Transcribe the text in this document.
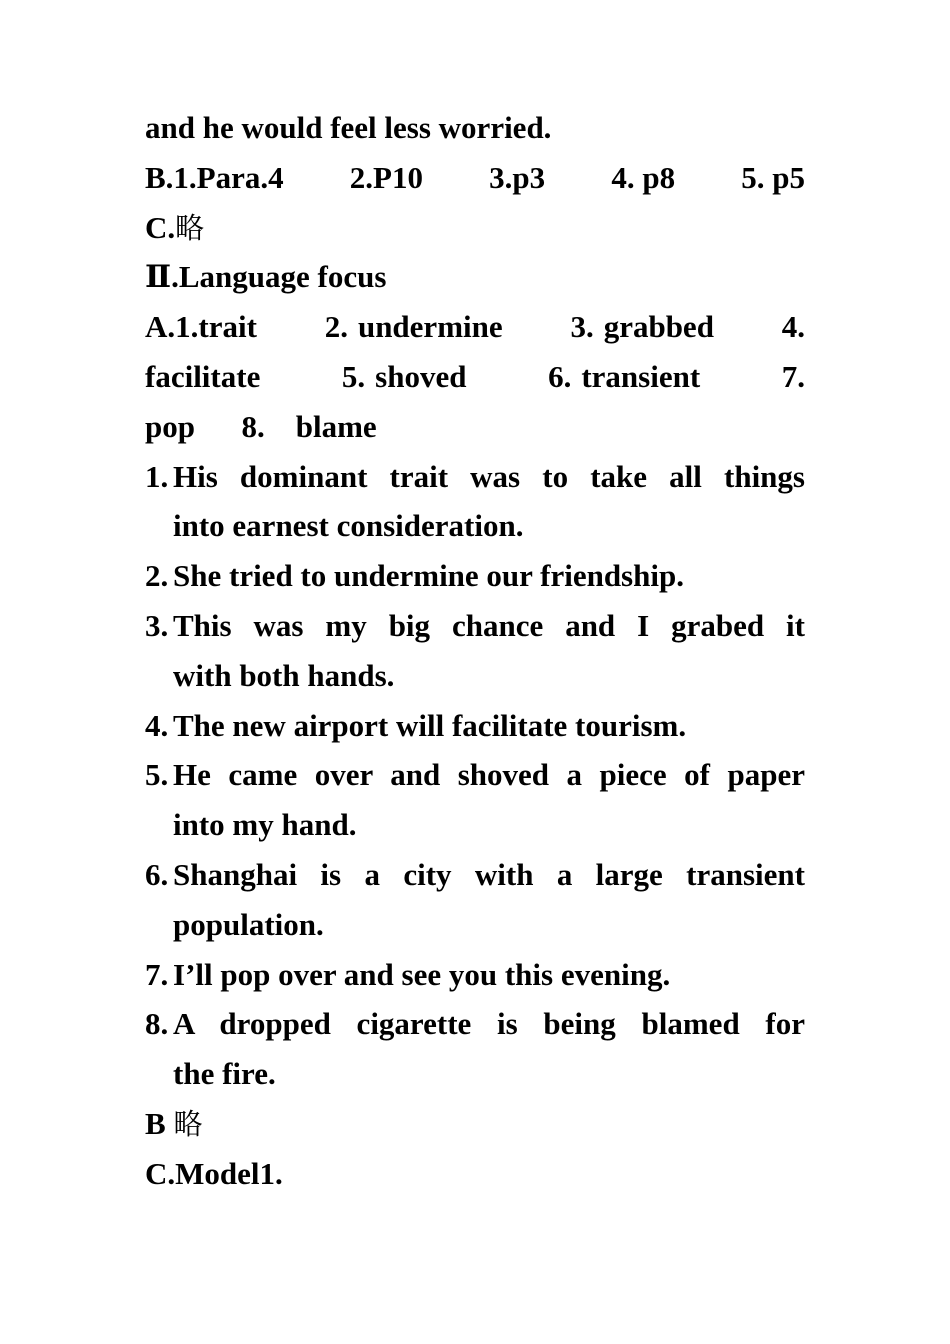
and he would feel less worried.
B.1.Para.4 2.P10 3.p3 4. p8 5. p5
C.略
Ⅱ.Language focus
A.1.trait 2. undermine 3. grabbed 4.
facilitate	5. shoved	6. transient	7.
pop      8.    blame
1. His dominant trait was to take all things
into earnest consideration.
2. She tried to undermine our friendship.
3. This was my big chance and I grabed it
with both hands.
4. The new airport will facilitate tourism.
5. He came over and shoved a piece of paper
into my hand.
6. Shanghai is a city with a large transient
population.
7. I’ll pop over and see you this evening.
8. A dropped cigarette is being blamed for
the fire.
B 略
C.Model1.
